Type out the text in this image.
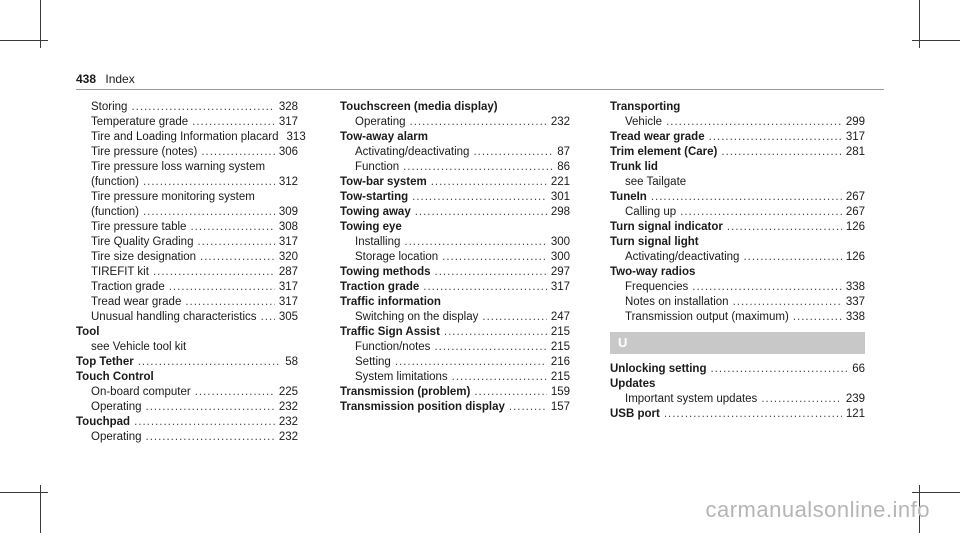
438 Index
Storing .....	328
Temperature grade .....	317
Tire and Loading Information placard 313
Tire pressure (notes) .....	306
Tire pressure loss warning system
(function) .....	312
Tire pressure monitoring system
(function) .....	309
Tire pressure table .....	308
Tire Quality Grading .....	317
Tire size designation .....	320
TIREFIT kit .....	287
Traction grade .....	317
Tread wear grade .....	317
Unusual handling characteristics ..... 305
Tool
see Vehicle tool kit
Top Tether .....	58
Touch Control
On-board computer .....	225
Operating .....	232
Touchpad .....	232
Operating .....	232
Touchscreen (media display)
Operating .....	232
Tow-away alarm
Activating/deactivating .....	87
Function .....	86
Tow-bar system .....	221
Tow-starting .....	301
Towing away .....	298
Towing eye
Installing .....	300
Storage location .....	300
Towing methods .....	297
Traction grade .....	317
Traffic information
Switching on the display .....	247
Traffic Sign Assist .....	215
Function/notes .....	215
Setting .....	216
System limitations .....	215
Transmission (problem) .....	159
Transmission position display .....	157
Transporting
Vehicle .....	299
Tread wear grade .....	317
Trim element (Care) .....	281
Trunk lid
see Tailgate
TuneIn .....	267
Calling up .....	267
Turn signal indicator .....	126
Turn signal light
Activating/deactivating .....	126
Two-way radios
Frequencies .....	338
Notes on installation .....	337
Transmission output (maximum) .....	338
U
Unlocking setting .....	66
Updates
Important system updates .....	239
USB port .....	121
carmanualsonline.info
